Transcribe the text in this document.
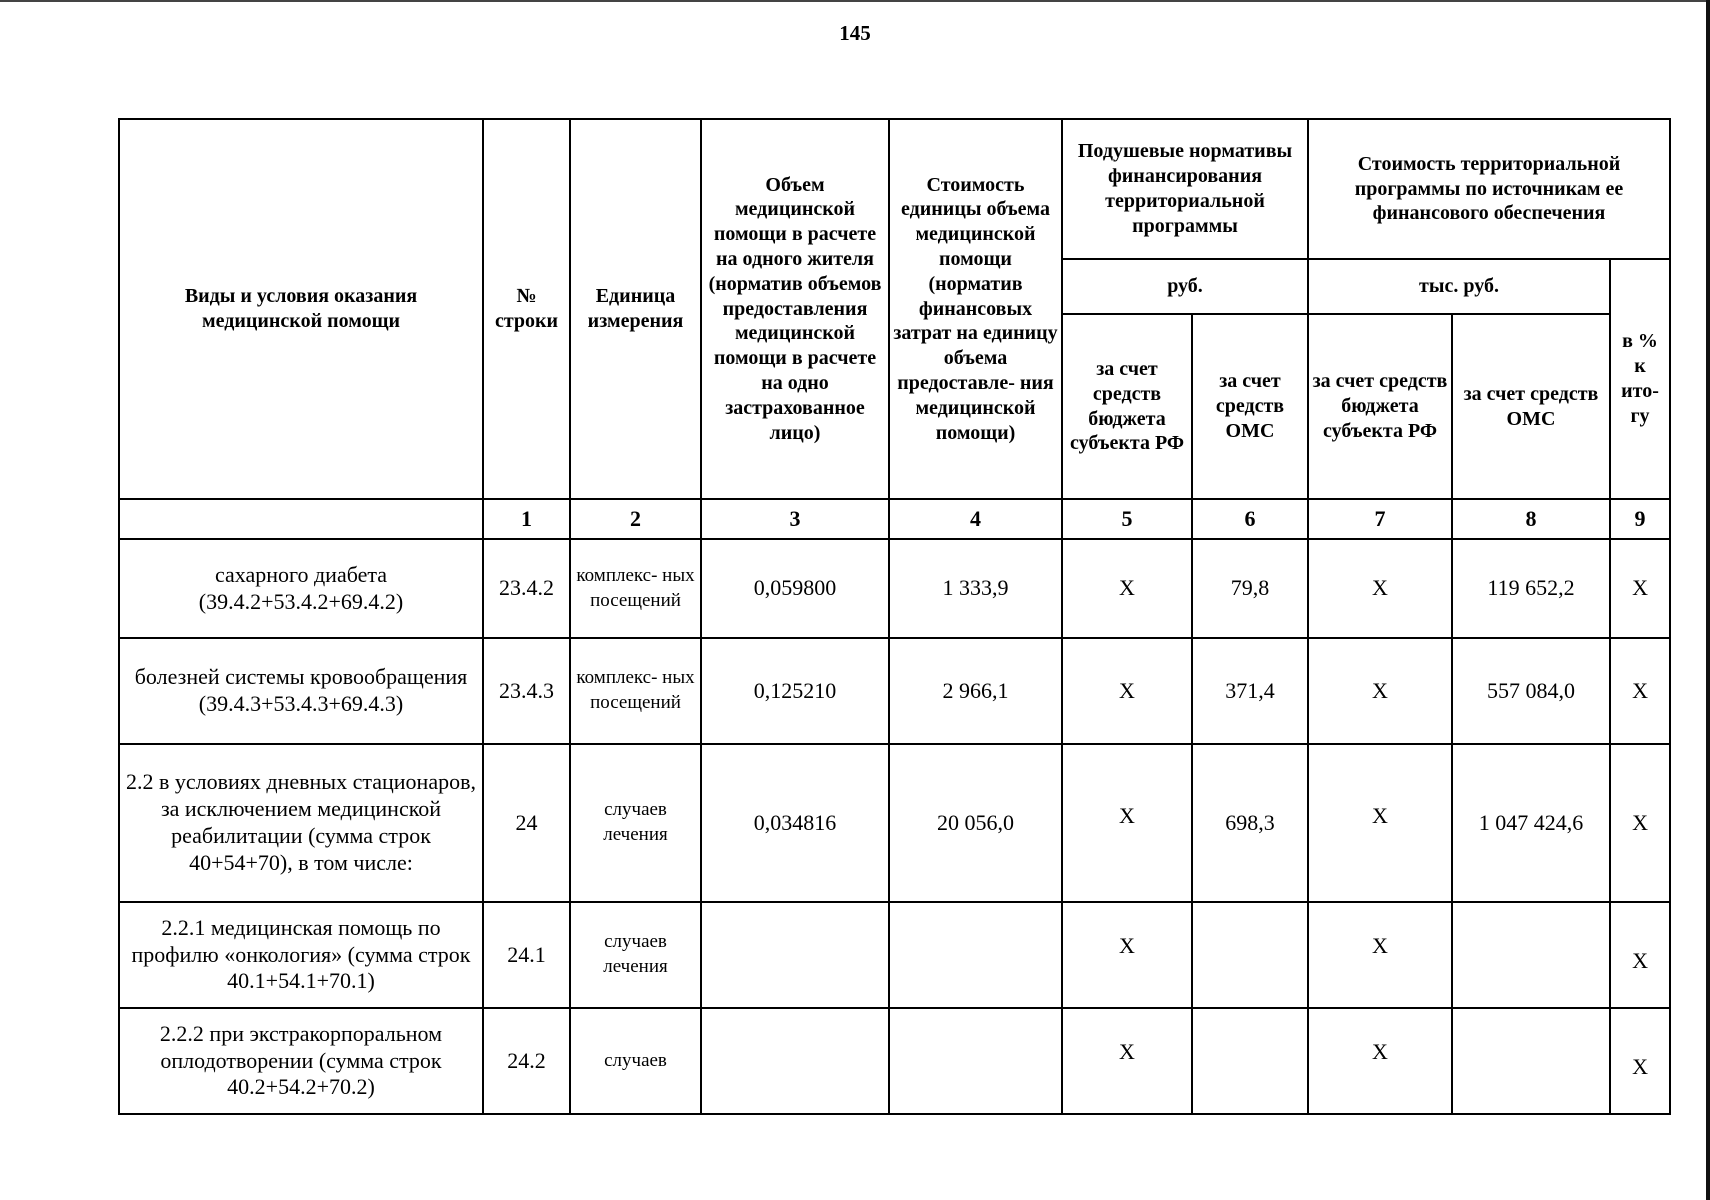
145
Виды и условия оказания медицинской помощи	№ строки	Единица измерения	Объем медицинской помощи в расчете на одного жителя (норматив объемов предоставления медицинской помощи в расчете на одно застрахованное лицо)	Стоимость единицы объема медицинской помощи (норматив финансовых затрат на единицу объема предоставле- ния медицинской помощи)	Подушевые нормативы финансирования территориальной программы		Стоимость территориальной программы по источникам ее финансового обеспечения		
					руб.		тыс. руб.		в % к ито- гу
					за счет средств бюджета субъекта РФ	за счет средств ОМС	за счет средств бюджета субъекта РФ	за счет средств ОМС	
	1	2	3	4	5	6	7	8	9
сахарного диабета (39.4.2+53.4.2+69.4.2)	23.4.2	комплекс- ных посещений	0,059800	1 333,9	Х	79,8	Х	119 652,2	Х
болезней системы кровообращения (39.4.3+53.4.3+69.4.3)	23.4.3	комплекс- ных посещений	0,125210	2 966,1	Х	371,4	Х	557 084,0	Х
2.2 в условиях дневных стационаров, за исключением медицинской реабилитации (сумма строк 40+54+70), в том числе:	24	случаев лечения	0,034816	20 056,0	Х	698,3	Х	1 047 424,6	Х
2.2.1 медицинская помощь по профилю «онкология» (сумма строк 40.1+54.1+70.1)	24.1	случаев лечения			Х		Х		Х
2.2.2 при экстракорпоральном оплодотворении (сумма строк 40.2+54.2+70.2)	24.2	случаев			Х		Х		Х
